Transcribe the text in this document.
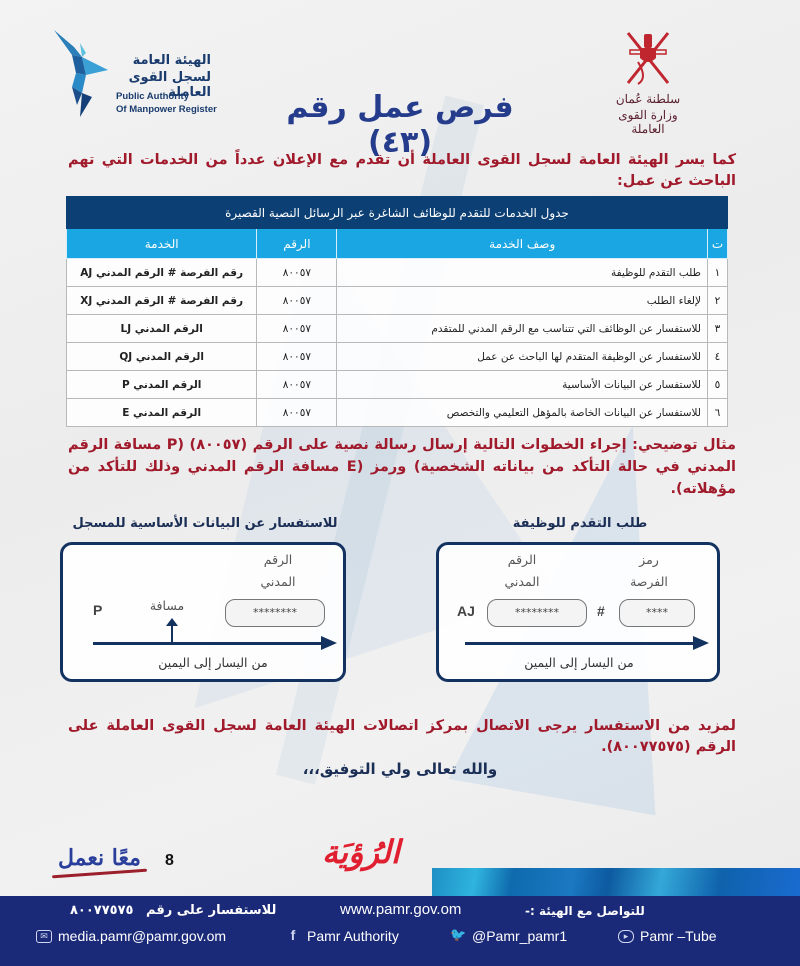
الهيئة العامة
لسجل القوى العاملة
Public Authority
Of Manpower Register
سلطنة عُمان
وزارة القوى العاملة
فرص عمل رقم (٤٣)

كما يسر الهيئة العامة لسجل القوى العاملة أن تقدم مع الإعلان عدداً من الخدمات التي تهم الباحث عن عمل:

جدول الخدمات للتقدم للوظائف الشاغرة عبر الرسائل النصية القصيرة			
ت	وصف الخدمة	الرقم	الخدمة
١	طلب التقدم للوظيفة	٨٠٠٥٧	رقم الفرصة # الرقم المدني AJ
٢	لإلغاء الطلب	٨٠٠٥٧	رقم الفرصة # الرقم المدني XJ
٣	للاستفسار عن الوظائف التي تتناسب مع الرقم المدني للمتقدم	٨٠٠٥٧	الرقم المدني LJ
٤	للاستفسار عن الوظيفة المتقدم لها الباحث عن عمل	٨٠٠٥٧	الرقم المدني QJ
٥	للاستفسار عن البيانات الأساسية	٨٠٠٥٧	الرقم المدني P
٦	للاستفسار عن البيانات الخاصة بالمؤهل التعليمي والتخصص	٨٠٠٥٧	الرقم المدني E

مثال توضيحي: إجراء الخطوات التالية إرسال رسالة نصية على الرقم (٨٠٠٥٧) (P مسافة الرقم المدني في حالة التأكد من بياناته الشخصية) ورمز (E مسافة الرقم المدني وذلك للتأكد من مؤهلاته).

للاستفسار عن البيانات الأساسية للمسجل
الرقم
المدني
********
مسافة
P
من اليسار إلى اليمين
طلب التقدم للوظيفة
الرقم
المدني
رمز
الفرصة
AJ	********	#	****
من اليسار إلى اليمين

لمزيد من الاستفسار يرجى الاتصال بمركز اتصالات الهيئة العامة لسجل القوى العاملة على الرقم (٨٠٠٧٧٥٧٥).

والله تعالى ولي التوفيق،،،
معًا نعمل 8	الرُؤيَة
للاستفسار على رقم ٨٠٠٧٧٥٧٥	www.pamr.gov.om	للتواصل مع الهيئة :-
✉ media.pamr@pamr.gov.om	f Pamr Authority	🐦 @Pamr_pamr1	▸ Pamr –Tube
